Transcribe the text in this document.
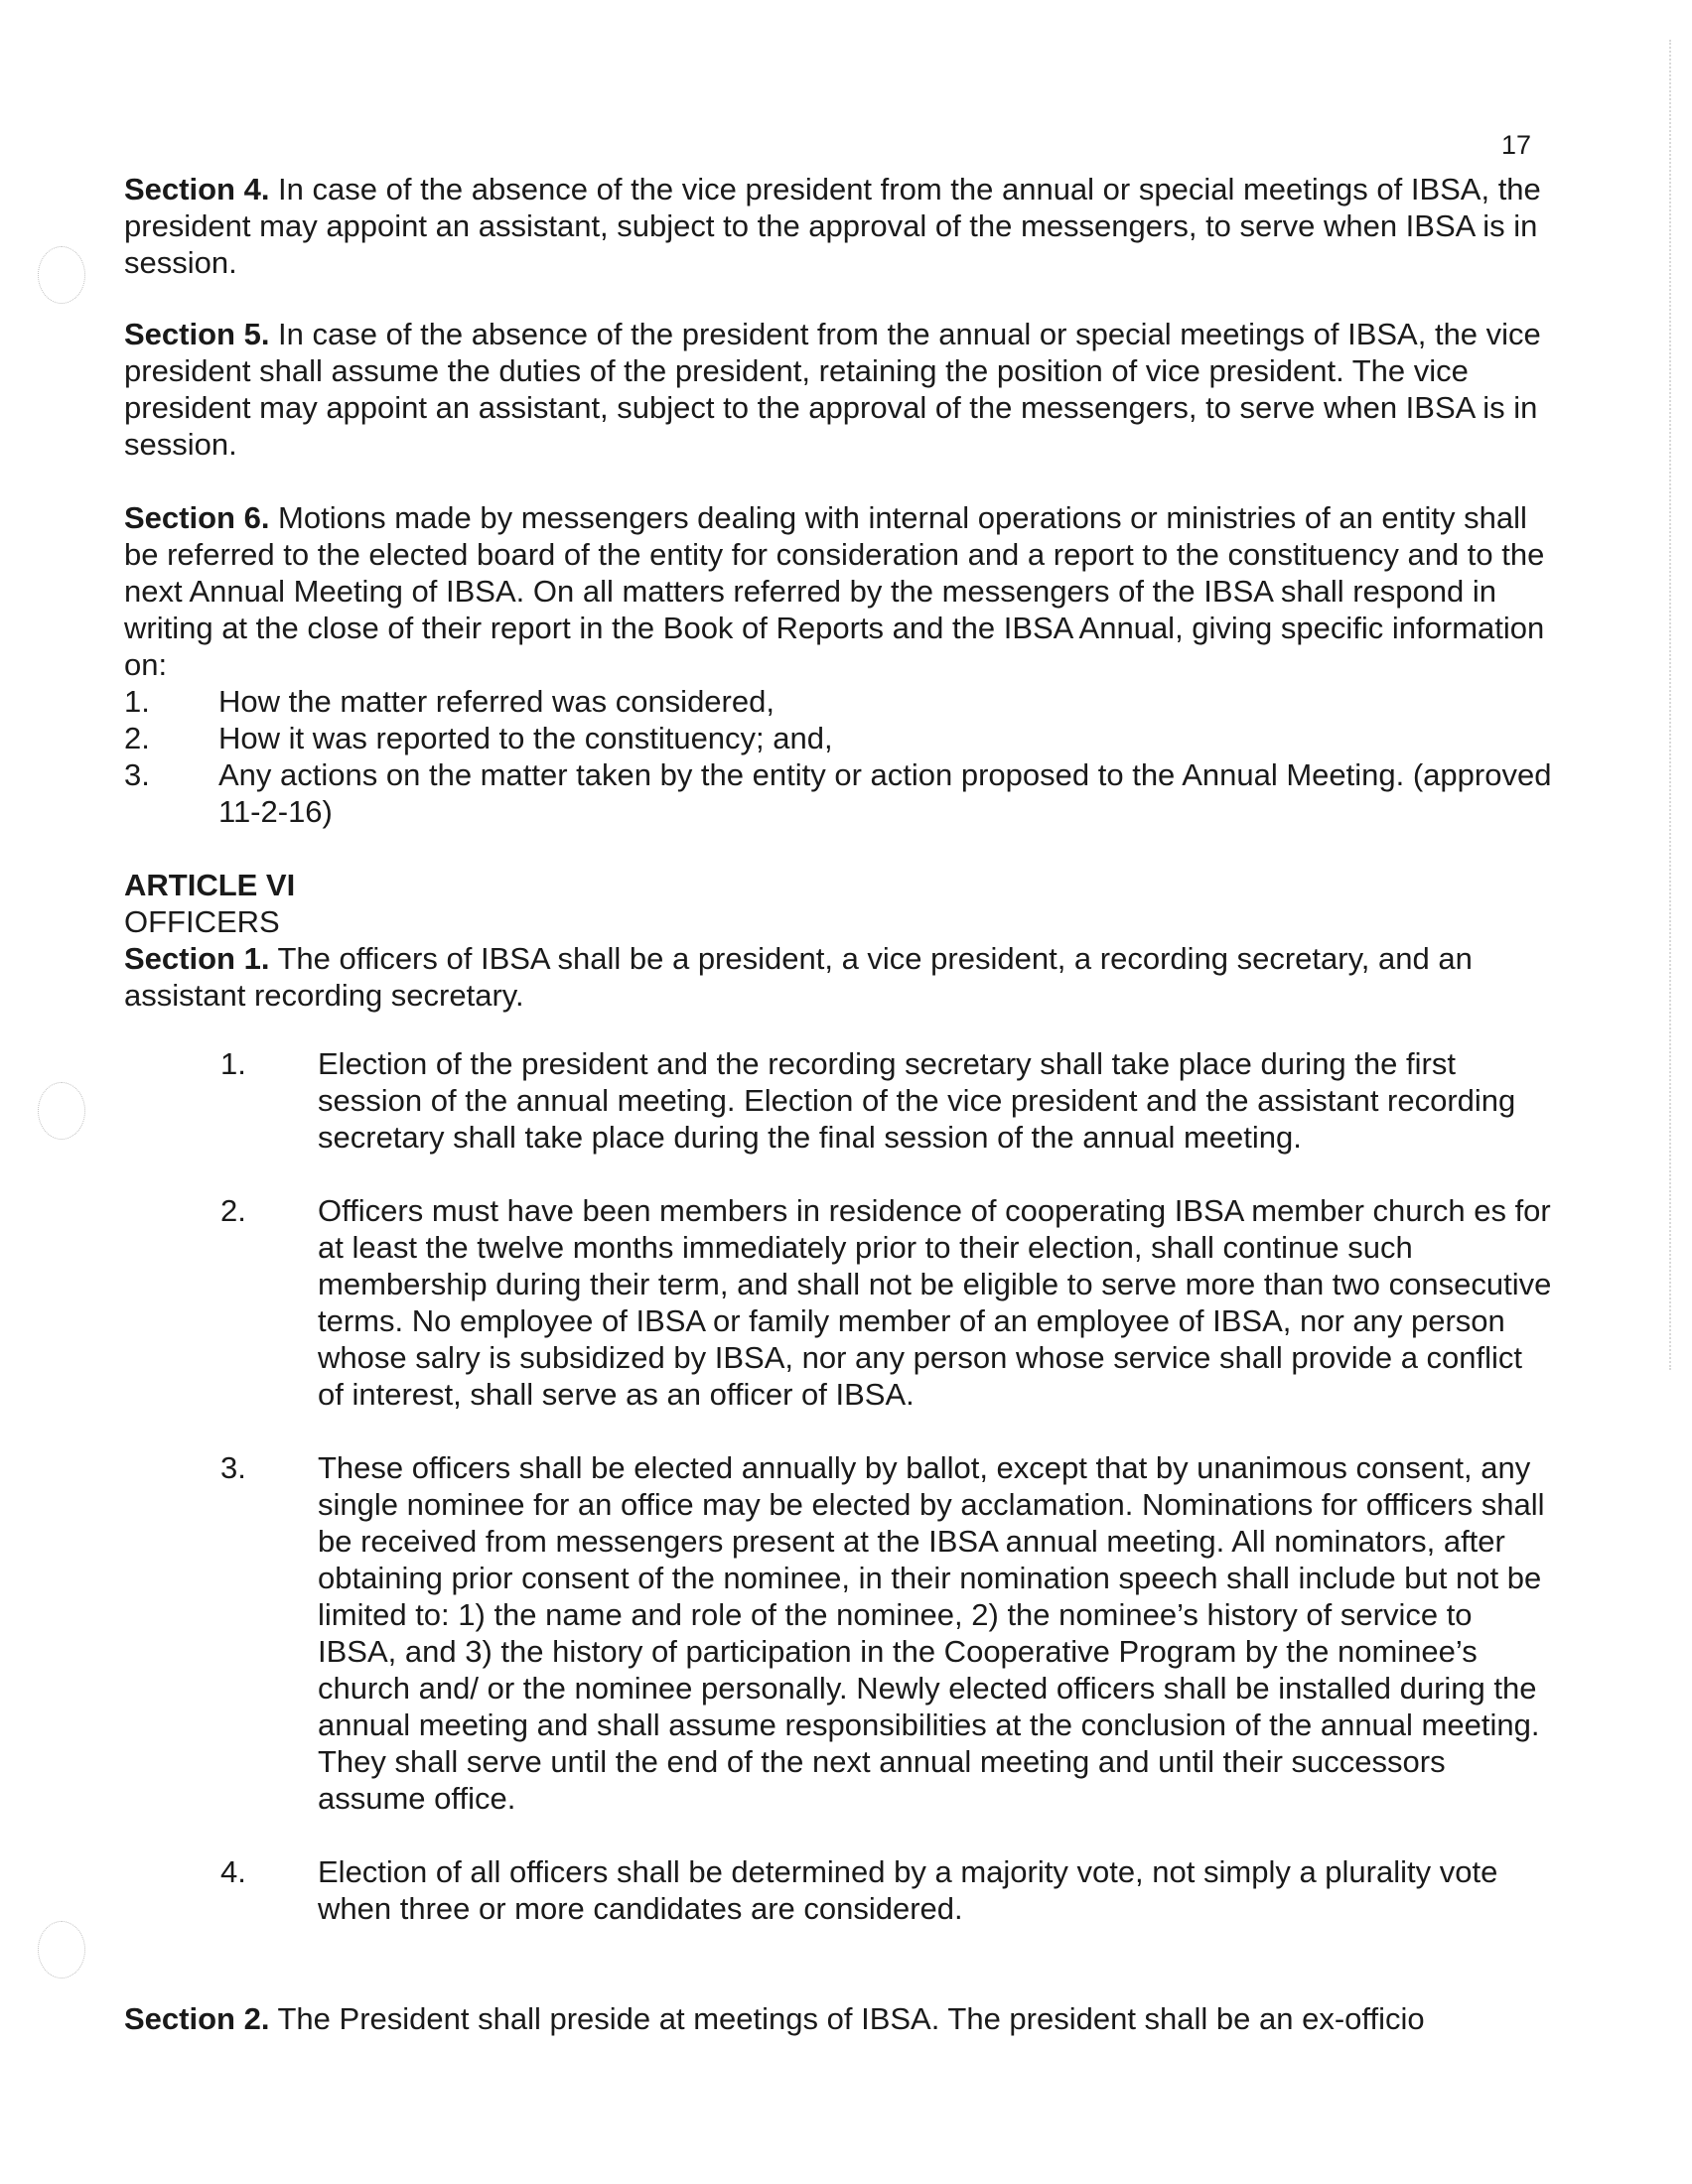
17

Section 4. In case of the absence of the vice president from the annual or special meetings of IBSA, the president may appoint an assistant, subject to the approval of the messengers, to serve when IBSA is in session.

Section 5. In case of the absence of the president from the annual or special meetings of IBSA, the vice president shall assume the duties of the president, retaining the position of vice president. The vice president may appoint an assistant, subject to the approval of the messengers, to serve when IBSA is in session.

Section 6. Motions made by messengers dealing with internal operations or ministries of an entity shall be referred to the elected board of the entity for consideration and a report to the constituency and to the next Annual Meeting of IBSA. On all matters referred by the messengers of the IBSA shall respond in writing at the close of their report in the Book of Reports and the IBSA Annual, giving specific information on:

1.	How the matter referred was considered,
2.	How it was reported to the constituency; and,
3.	Any actions on the matter taken by the entity or action proposed to the Annual Meeting. (approved 11-2-16)
ARTICLE VI
OFFICERS
Section 1. The officers of IBSA shall be a president, a vice president, a recording secretary, and an assistant recording secretary.
1.	Election of the president and the recording secretary shall take place during the first session of the annual meeting. Election of the vice president and the assistant recording secretary shall take place during the final session of the annual meeting.
2.	Officers must have been members in residence of cooperating IBSA member church es for at least the twelve months immediately prior to their election, shall continue such membership during their term, and shall not be eligible to serve more than two consecutive terms. No employee of IBSA or family member of an employee of IBSA, nor any person whose salry is subsidized by IBSA, nor any person whose service shall provide a conflict of interest, shall serve as an officer of IBSA.
3.	These officers shall be elected annually by ballot, except that by unanimous consent, any single nominee for an office may be elected by acclamation. Nominations for offficers shall be received from messengers present at the IBSA annual meeting. All nominators, after obtaining prior consent of the nominee, in their nomination speech shall include but not be limited to: 1) the name and role of the nominee, 2) the nominee’s history of service to IBSA, and 3) the history of participation in the Cooperative Program by the nominee’s church and/ or the nominee personally. Newly elected officers shall be installed during the annual meeting and shall assume responsibilities at the conclusion of the annual meeting. They shall serve until the end of the next annual meeting and until their successors assume office.
4.	Election of all officers shall be determined by a majority vote, not simply a plurality vote when three or more candidates are considered.

Section 2. The President shall preside at meetings of IBSA. The president shall be an ex-officio
